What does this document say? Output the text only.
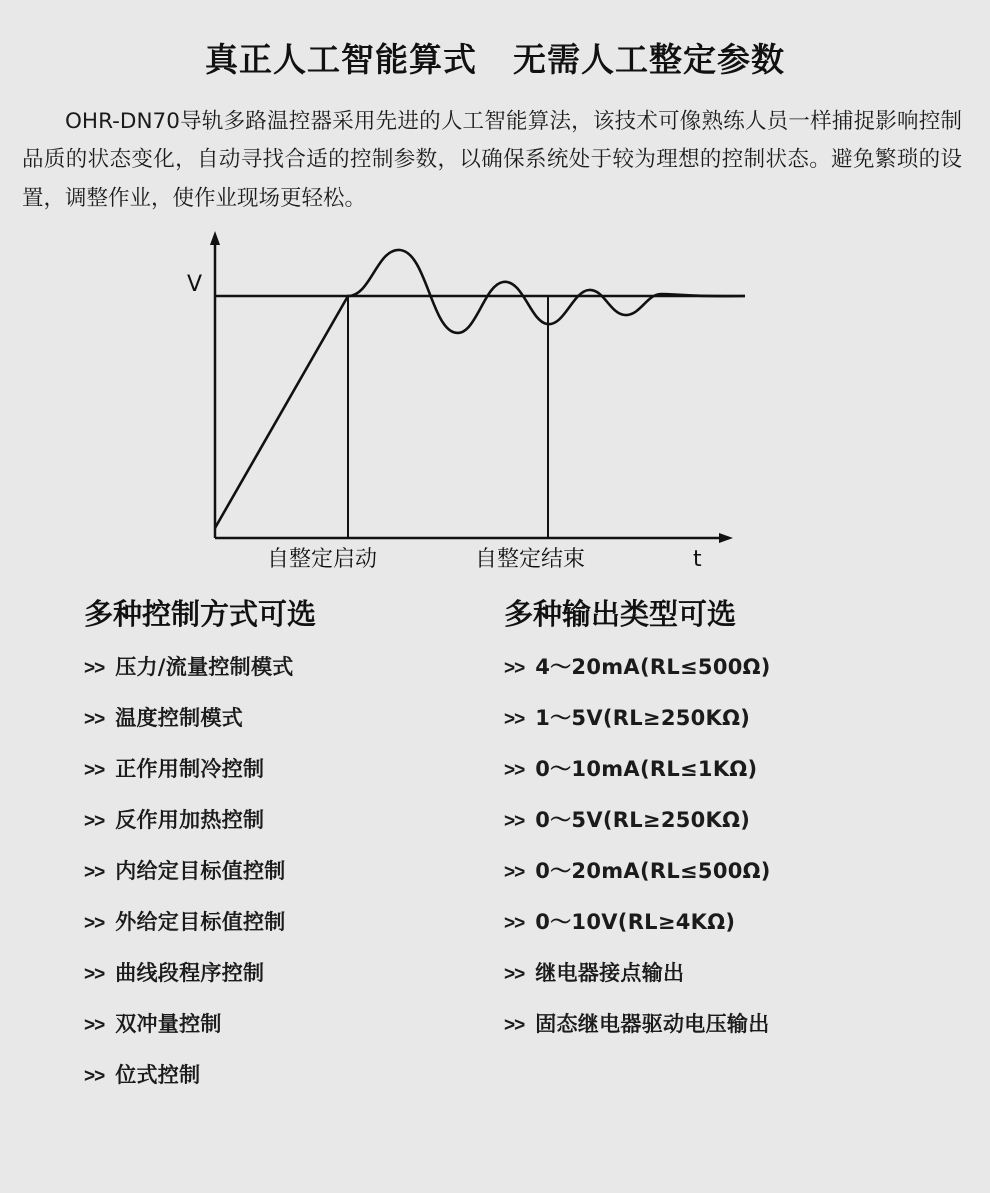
真正人工智能算式 无需人工整定参数
OHR-DN70导轨多路温控器采用先进的人工智能算法，该技术可像熟练人员一样捕捉影响控制品质的状态变化，自动寻找合适的控制参数，以确保系统处于较为理想的控制状态。避免繁琐的设置，调整作业，使作业现场更轻松。
V
t
自整定启动	自整定结束
多种控制方式可选
>> 压力/流量控制模式
>> 温度控制模式
>> 正作用制冷控制
>> 反作用加热控制
>> 内给定目标值控制
>> 外给定目标值控制
>> 曲线段程序控制
>> 双冲量控制
>> 位式控制
多种输出类型可选
>> 4～20mA(RL≤500Ω)
>> 1～5V(RL≥250KΩ)
>> 0～10mA(RL≤1KΩ)
>> 0～5V(RL≥250KΩ)
>> 0～20mA(RL≤500Ω)
>> 0～10V(RL≥4KΩ)
>> 继电器接点输出
>> 固态继电器驱动电压输出
